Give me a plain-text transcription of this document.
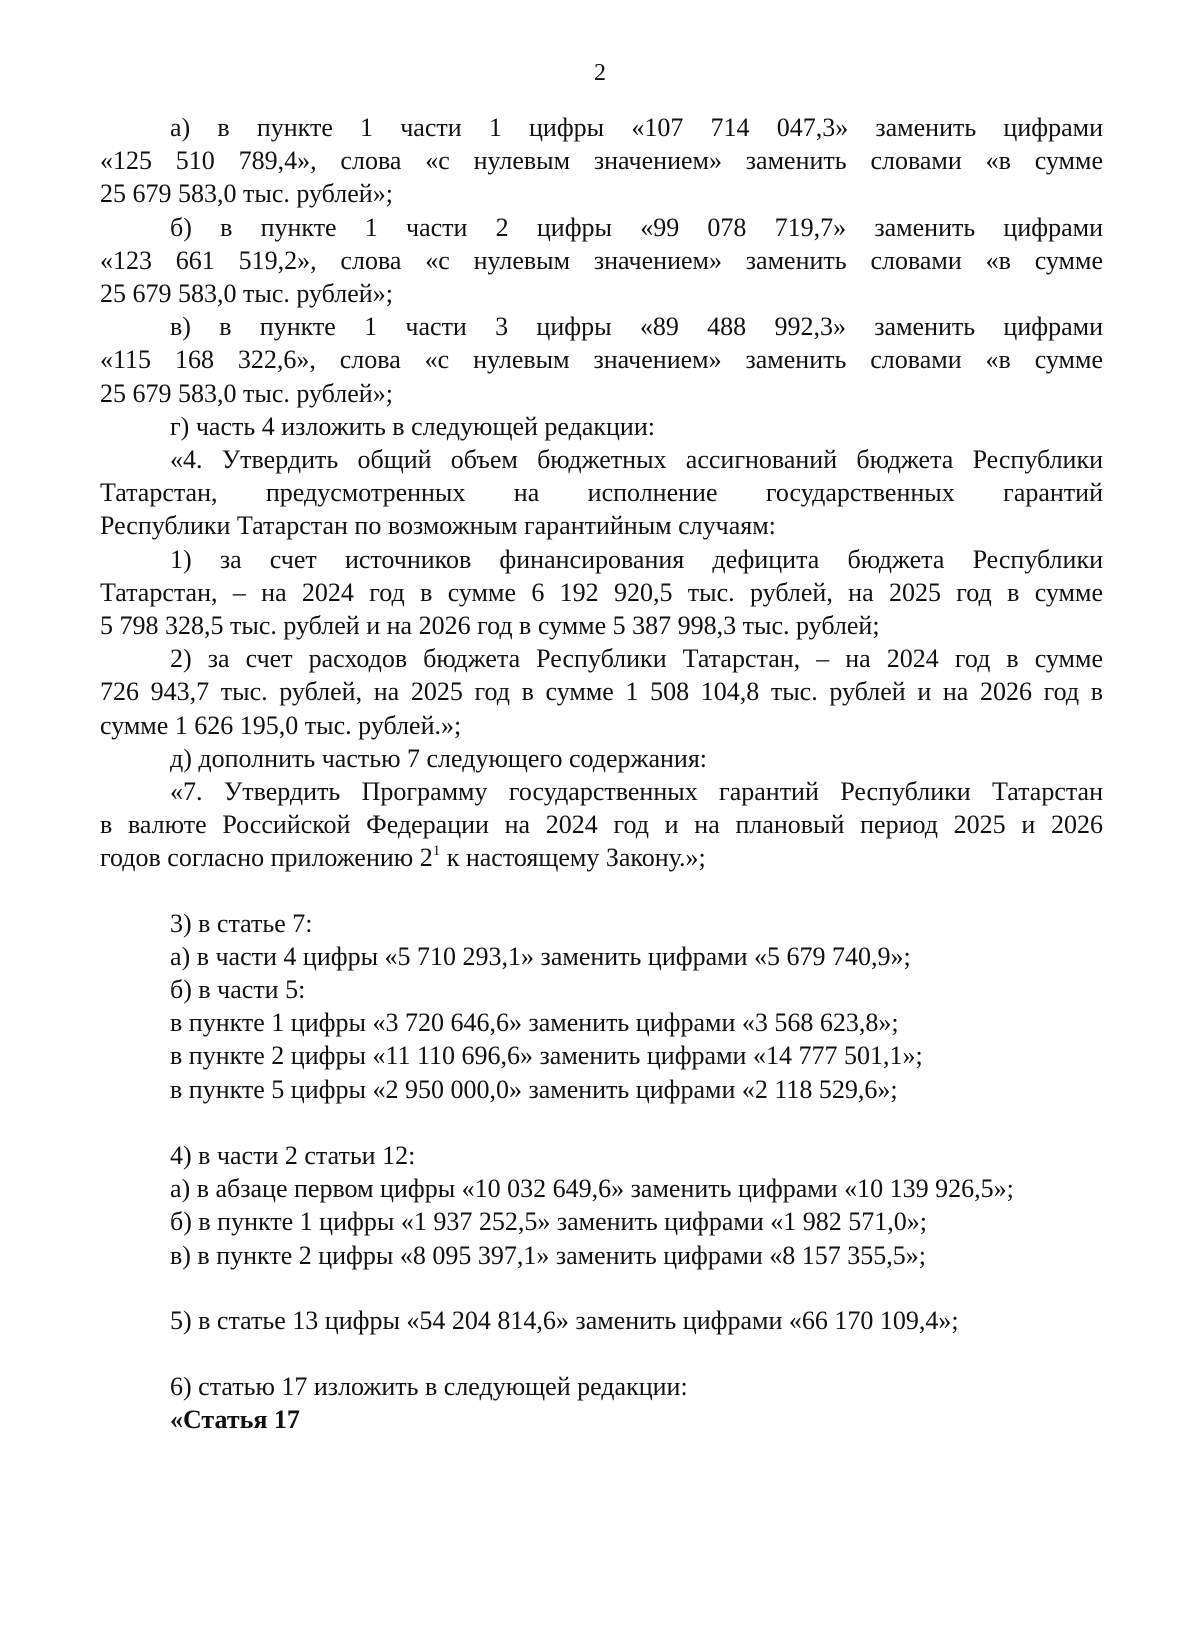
2

а) в пункте 1 части 1 цифры «107 714 047,3» заменить цифрами

«125 510 789,4», слова «с нулевым значением» заменить словами «в сумме

25 679 583,0 тыс. рублей»;

б) в пункте 1 части 2 цифры «99 078 719,7» заменить цифрами

«123 661 519,2», слова «с нулевым значением» заменить словами «в сумме

25 679 583,0 тыс. рублей»;

в) в пункте 1 части 3 цифры «89 488 992,3» заменить цифрами

«115 168 322,6», слова «с нулевым значением» заменить словами «в сумме

25 679 583,0 тыс. рублей»;

г) часть 4 изложить в следующей редакции:

«4. Утвердить общий объем бюджетных ассигнований бюджета Республики

Татарстан, предусмотренных на исполнение государственных гарантий

Республики Татарстан по возможным гарантийным случаям:

1) за счет источников финансирования дефицита бюджета Республики

Татарстан, – на 2024 год в сумме 6 192 920,5 тыс. рублей, на 2025 год в сумме

5 798 328,5 тыс. рублей и на 2026 год в сумме 5 387 998,3 тыс. рублей;

2) за счет расходов бюджета Республики Татарстан, – на 2024 год в сумме

726 943,7 тыс. рублей, на 2025 год в сумме 1 508 104,8 тыс. рублей и на 2026 год в

сумме 1 626 195,0 тыс. рублей.»;

д) дополнить частью 7 следующего содержания:

«7. Утвердить Программу государственных гарантий Республики Татарстан

в валюте Российской Федерации на 2024 год и на плановый период 2025 и 2026

годов согласно приложению $2^1$ к настоящему Закону.»;

3) в статье 7:

а) в части 4 цифры «5 710 293,1» заменить цифрами «5 679 740,9»;

б) в части 5:

в пункте 1 цифры «3 720 646,6» заменить цифрами «3 568 623,8»;

в пункте 2 цифры «11 110 696,6» заменить цифрами «14 777 501,1»;

в пункте 5 цифры «2 950 000,0» заменить цифрами «2 118 529,6»;

4) в части 2 статьи 12:

а) в абзаце первом цифры «10 032 649,6» заменить цифрами «10 139 926,5»;

б) в пункте 1 цифры «1 937 252,5» заменить цифрами «1 982 571,0»;

в) в пункте 2 цифры «8 095 397,1» заменить цифрами «8 157 355,5»;

5) в статье 13 цифры «54 204 814,6» заменить цифрами «66 170 109,4»;

6) статью 17 изложить в следующей редакции:

«Статья 17
